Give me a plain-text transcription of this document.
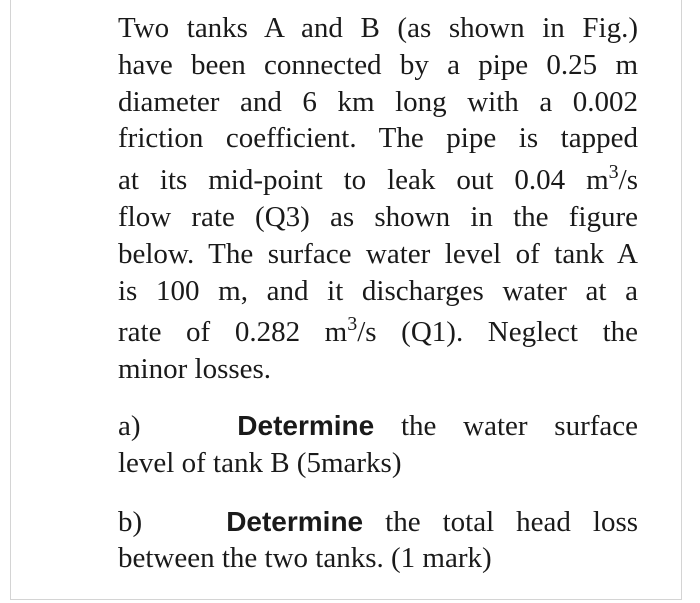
Two tanks A and B (as shown in Fig.)
have been connected by a pipe 0.25 m
diameter and 6 km long with a 0.002
friction coefficient. The pipe is tapped
at its mid-point to leak out 0.04 $m^3/s$
flow rate (Q3) as shown in the figure
below. The surface water level of tank A
is 100 m, and it discharges water at a
rate of 0.282 $m^3/s$ (Q1). Neglect the
minor losses.
a)	Determine the water surface
level of tank B (5marks)
b)	Determine the total head loss
between the two tanks. (1 mark)
